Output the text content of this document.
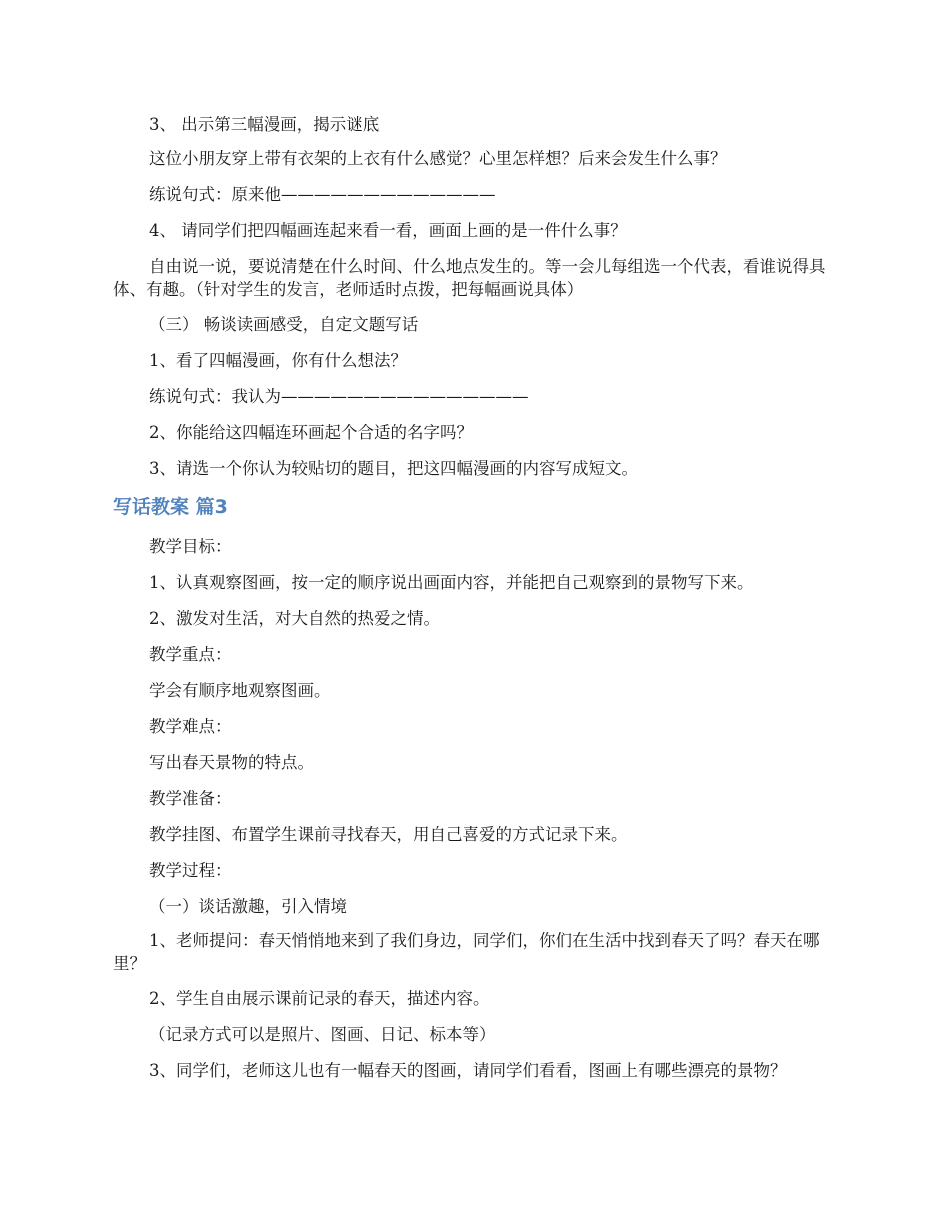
3、 出示第三幅漫画，揭示谜底

这位小朋友穿上带有衣架的上衣有什么感觉？心里怎样想？后来会发生什么事？

练说句式：原来他—————————————

4、 请同学们把四幅画连起来看一看，画面上画的是一件什么事？

自由说一说，要说清楚在什么时间、什么地点发生的。等一会儿每组选一个代表，看谁说得具体、有趣。（针对学生的发言，老师适时点拨，把每幅画说具体）

（三） 畅谈读画感受，自定文题写话

1、看了四幅漫画，你有什么想法？

练说句式：我认为———————————————

2、你能给这四幅连环画起个合适的名字吗？

3、请选一个你认为较贴切的题目，把这四幅漫画的内容写成短文。

写话教案 篇3

教学目标：

1、认真观察图画，按一定的顺序说出画面内容，并能把自己观察到的景物写下来。

2、激发对生活，对大自然的热爱之情。

教学重点：

学会有顺序地观察图画。

教学难点：

写出春天景物的特点。

教学准备：

教学挂图、布置学生课前寻找春天，用自己喜爱的方式记录下来。

教学过程：

（一）谈话激趣，引入情境

1、老师提问：春天悄悄地来到了我们身边，同学们，你们在生活中找到春天了吗？春天在哪里？

2、学生自由展示课前记录的春天，描述内容。

（记录方式可以是照片、图画、日记、标本等）

3、同学们，老师这儿也有一幅春天的图画，请同学们看看，图画上有哪些漂亮的景物？
